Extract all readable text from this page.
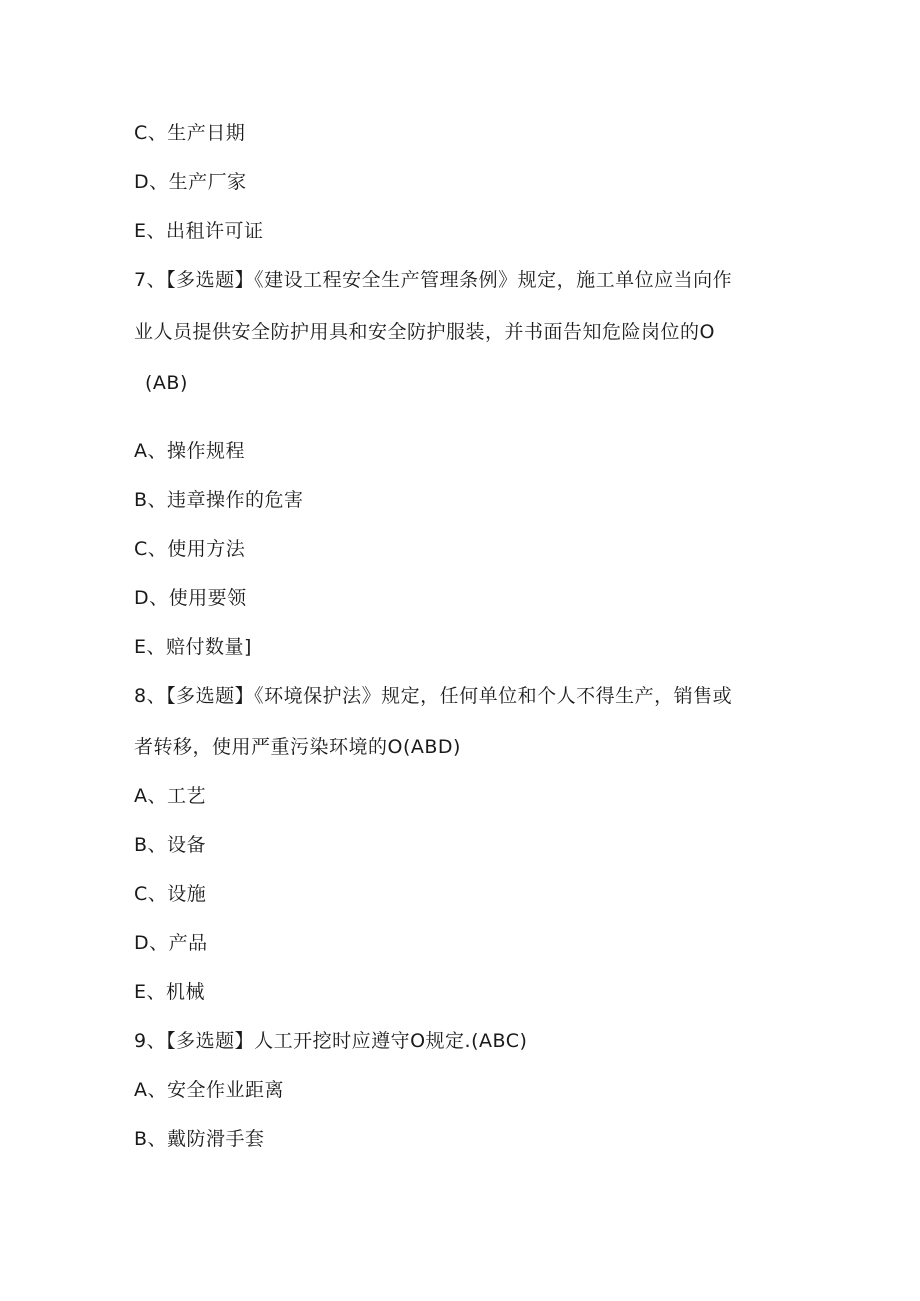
C、生产日期
D、生产厂家
E、出租许可证
7、【多选题】《建设工程安全生产管理条例》规定，施工单位应当向作
业人员提供安全防护用具和安全防护服装，并书面告知危险岗位的O
(AB)
A、操作规程
B、违章操作的危害
C、使用方法
D、使用要领
E、赔付数量]
8、【多选题】《环境保护法》规定，任何单位和个人不得生产，销售或
者转移，使用严重污染环境的O(ABD)
A、工艺
B、设备
C、设施
D、产品
E、机械
9、【多选题】人工开挖时应遵守O规定.(ABC)
A、安全作业距离
B、戴防滑手套
